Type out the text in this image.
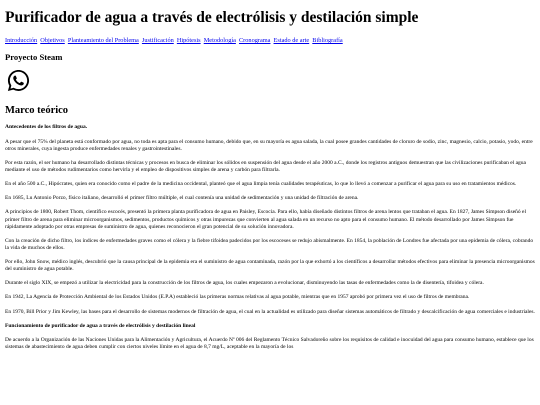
Purificador de agua a través de electrólisis y destilación simple
Introducción Objetivos Planteamiento del Problema Justificación Hipótesis Metodología Cronograma Estado de arte Bibliografía
Proyecto Steam
Marco teórico

Antecedentes de los filtros de agua.

A pesar que el 75% del planeta está conformado por agua, no toda es apta para el consumo humano, debido que, en su mayoría es agua salada, la cual posee grandes cantidades de cloruro de sodio, zinc, magnesio, calcio, potasio, yodo, entre otros minerales, cuya ingesta produce enfermedades renales y gastrointestinales.

Por esta razón, el ser humano ha desarrollado distintas técnicas y procesos en busca de eliminar los sólidos en suspensión del agua desde el año 2000 a.C., donde los registros antiguos demuestran que las civilizaciones purificaban el agua mediante el uso de métodos rudimentarios como hervirla y el empleo de dispositivos simples de arena y carbón para filtrarla.

En el año 500 a.C., Hipócrates, quien era conocido como el padre de la medicina occidental, planteó que el agua limpia tenía cualidades terapéuticas, lo que lo llevó a comenzar a purificar el agua para su uso en tratamientos médicos.

En 1685, Lu Antonio Porzo, físico italiano, desarrolló el primer filtro múltiple, el cual contenía una unidad de sedimentación y una unidad de filtración de arena.

A principios de 1800, Robert Thom, científico escocés, presentó la primera planta purificadora de agua en Paisley, Escocia. Para ello, había diseñado distintos filtros de arena lentos que trataban el agua. En 1827, James Simpson diseñó el primer filtro de arena para eliminar microorganismos, sedimentos, productos químicos y otras impurezas que convierten al agua salada en un recurso no apto para el consumo humano. El método desarrollado por James Simpson fue rápidamente adoptado por otras empresas de suministro de agua, quienes reconocieron el gran potencial de su solución innovadora.

Con la creación de dicho filtro, los índices de enfermedades graves como el cólera y la fiebre tifoidea padecidos por los escoceses se redujo abismalmente. En 1854, la población de Londres fue afectada por una epidemia de cólera, cobrando la vida de muchos de ellos.

Por ello, John Snow, médico inglés, descubrió que la causa principal de la epidemia era el suministro de agua contaminada, razón por la que exhortó a los científicos a desarrollar métodos efectivos para eliminar la presencia microorganismos del suministro de agua potable.

Durante el siglo XIX, se empezó a utilizar la electricidad para la construcción de los filtros de agua, los cuales empezaron a evolucionar, disminuyendo las tasas de enfermedades como la de disentería, tifoidea y cólera.

En 1942, La Agencia de Protección Ambiental de los Estados Unidos (E.P.A) estableció las primeras normas relativas al agua potable, mientras que en 1957 aprobó por primera vez el uso de filtros de membrana.

En 1970, Bill Prior y Jim Kewley, las bases para el desarrollo de sistemas modernos de filtración de agua, el cual en la actualidad es utilizado para diseñar sistemas automáticos de filtrado y descalcificación de agua comerciales e industriales.

Funcionamiento de purificador de agua a través de electrólisis y destilación lineal

De acuerdo a la Organización de las Naciones Unidas para la Alimentación y Agricultura, el Acuerdo Nº 006 del Reglamento Técnico Salvadoreño sobre los requisitos de calidad e inocuidad del agua para consumo humano, establece que los sistemas de abastecimiento de agua deben cumplir con ciertos niveles límite en el agua de 8,7 mg/L, aceptable en la mayoría de los
